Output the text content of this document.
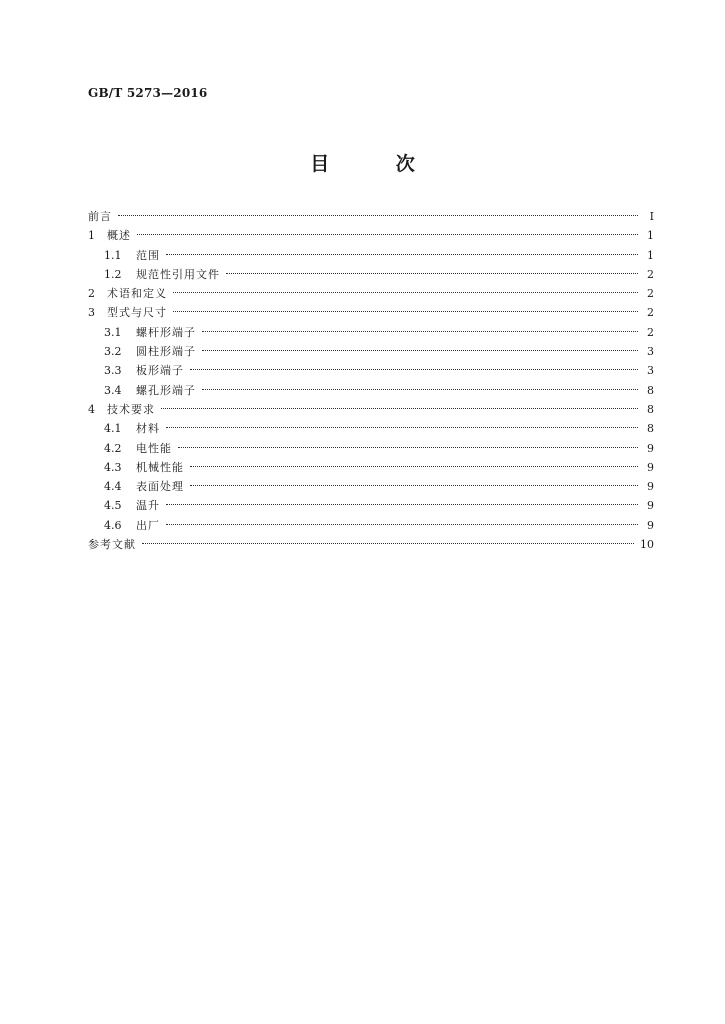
GB/T 5273—2016
目 次
前言	Ⅰ
1 概述	1
1.1	范围	1
1.2	规范性引用文件	2
2 术语和定义	2
3 型式与尺寸	2
3.1	螺杆形端子	2
3.2	圆柱形端子	3
3.3	板形端子	3
3.4	螺孔形端子	8
4 技术要求	8
4.1	材料	8
4.2	电性能	9
4.3	机械性能	9
4.4	表面处理	9
4.5	温升	9
4.6	出厂	9
参考文献	10
